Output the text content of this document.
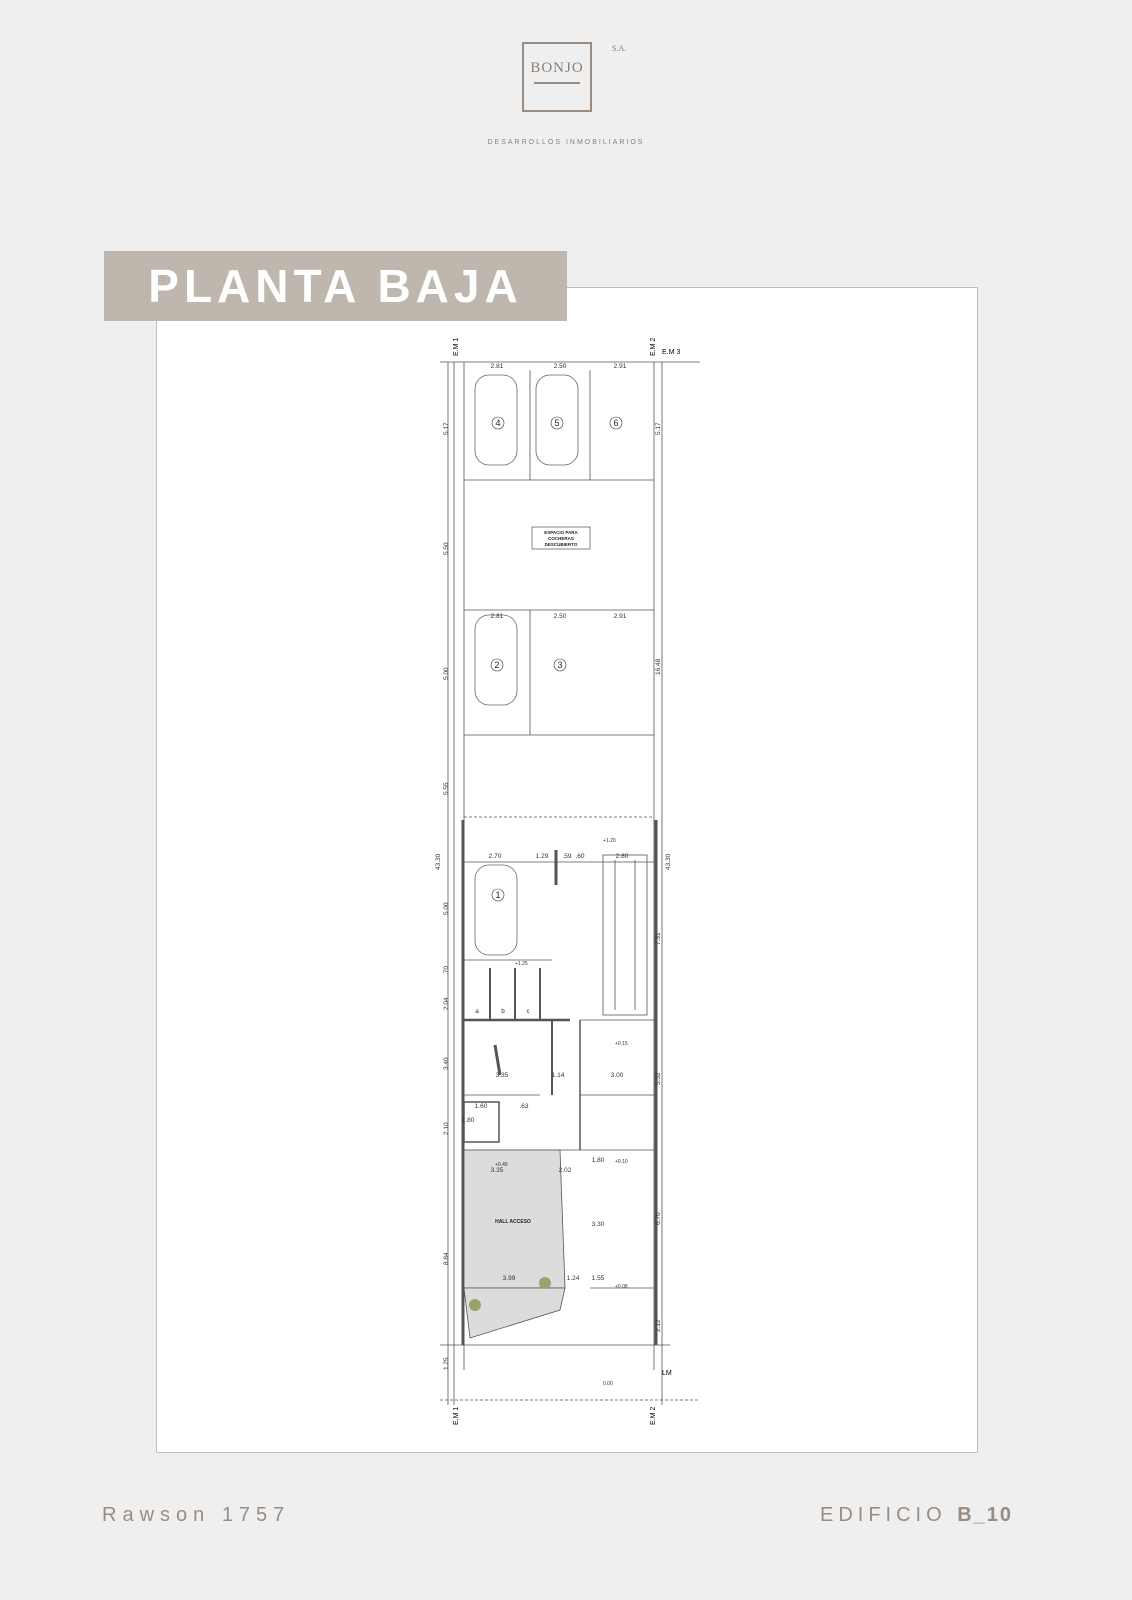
BONJO
S.A.
DESARROLLOS INMOBILIARIOS
PLANTA BAJA
E.M 1	E.M 2 E.M 3
E.M 1	E.M 2
LM
5.17
5.50
5.00
5.55
43.30
5.00
.70
2.04
3.40
2.10
8.84
1.25
5.17
16.48
43.30
7.31
5.52
6.70
2.12
2.81	2.50	2.91
2.81	2.50	2.91
2.70	1.29 .59 .60	2.80
1
2	3
4	5	6
ESPACIO PARA
COCHERAS
DESCUBIERTO
+1.20
+1.25
+0.15
+0.45	+0.10
+0.08
0.00
a	b	c
3.35	1.14	3.00
1.60
1.80
.63
3.35	2.02
1.80
3.30
1.55
3.99	1.24
HALL ACCESO
Rawson 1757	EDIFICIO B_10
